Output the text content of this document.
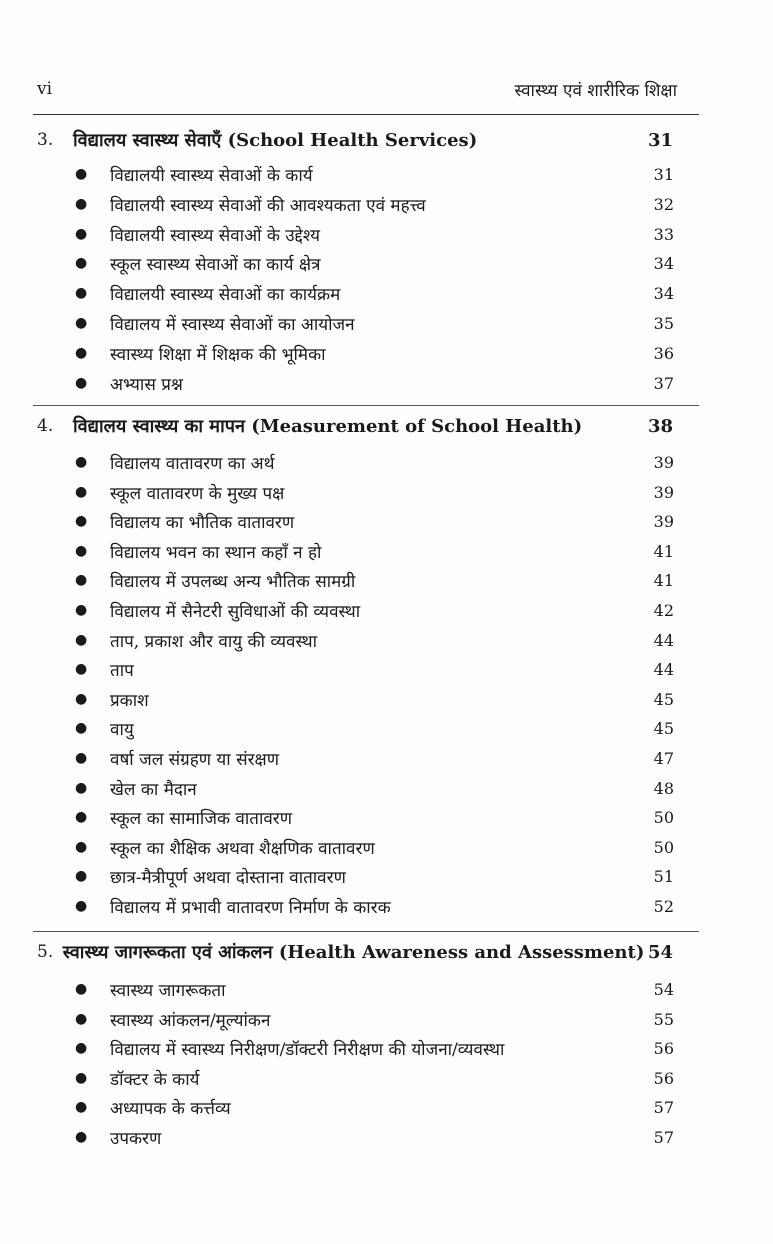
vi	स्वास्थ्य एवं शारीरिक शिक्षा
3.	विद्यालय स्वास्थ्य सेवाएँ (School Health Services)	31
●	विद्यालयी स्वास्थ्य सेवाओं के कार्य	31
●	विद्यालयी स्वास्थ्य सेवाओं की आवश्यकता एवं महत्त्व	32
●	विद्यालयी स्वास्थ्य सेवाओं के उद्देश्य	33
●	स्कूल स्वास्थ्य सेवाओं का कार्य क्षेत्र	34
●	विद्यालयी स्वास्थ्य सेवाओं का कार्यक्रम	34
●	विद्यालय में स्वास्थ्य सेवाओं का आयोजन	35
●	स्वास्थ्य शिक्षा में शिक्षक की भूमिका	36
●	अभ्यास प्रश्न	37
4.	विद्यालय स्वास्थ्य का मापन (Measurement of School Health)	38
●	विद्यालय वातावरण का अर्थ	39
●	स्कूल वातावरण के मुख्य पक्ष	39
●	विद्यालय का भौतिक वातावरण	39
●	विद्यालय भवन का स्थान कहाँ न हो	41
●	विद्यालय में उपलब्ध अन्य भौतिक सामग्री	41
●	विद्यालय में सैनेटरी सुविधाओं की व्यवस्था	42
●	ताप, प्रकाश और वायु की व्यवस्था	44
●	ताप	44
●	प्रकाश	45
●	वायु	45
●	वर्षा जल संग्रहण या संरक्षण	47
●	खेल का मैदान	48
●	स्कूल का सामाजिक वातावरण	50
●	स्कूल का शैक्षिक अथवा शैक्षणिक वातावरण	50
●	छात्र-मैत्रीपूर्ण अथवा दोस्ताना वातावरण	51
●	विद्यालय में प्रभावी वातावरण निर्माण के कारक	52
5. स्वास्थ्य जागरूकता एवं आंकलन (Health Awareness and Assessment) 54
●	स्वास्थ्य जागरूकता	54
●	स्वास्थ्य आंकलन/मूल्यांकन	55
●	विद्यालय में स्वास्थ्य निरीक्षण/डॉक्टरी निरीक्षण की योजना/व्यवस्था	56
●	डॉक्टर के कार्य	56
●	अध्यापक के कर्त्तव्य	57
●	उपकरण	57
